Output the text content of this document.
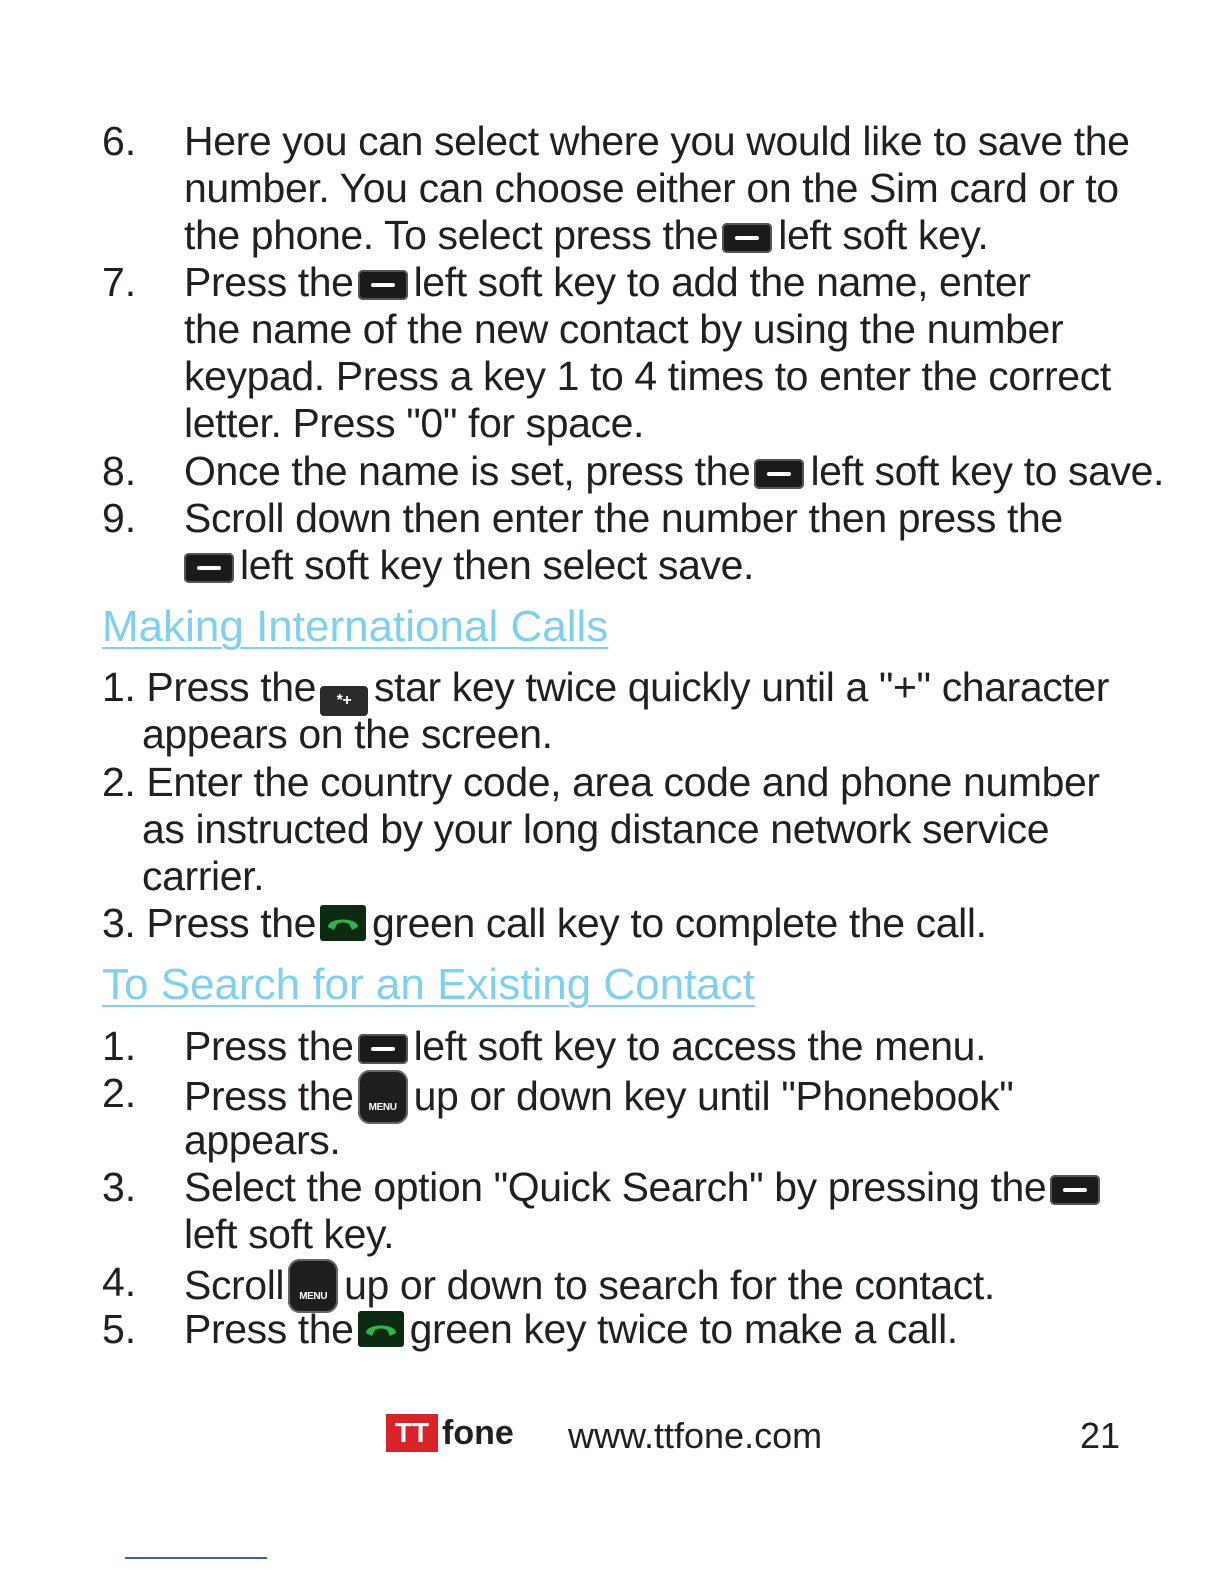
6. Here you can select where you would like to save the
number. You can choose either on the Sim card or to
the phone. To select press the left soft key.
7. Press the left soft key to add the name, enter
the name of the new contact by using the number
keypad. Press a key 1 to 4 times to enter the correct
letter. Press "0" for space.
8. Once the name is set, press the left soft key to save.
9. Scroll down then enter the number then press the
left soft key then select save.
Making International Calls
1. Press the *+ star key twice quickly until a "+" character
appears on the screen.
2. Enter the country code, area code and phone number
as instructed by your long distance network service
carrier.
3. Press the green call key to complete the call.
To Search for an Existing Contact
1. Press the left soft key to access the menu.
2. Press the	MENU up or down key until "Phonebook"
appears.
3. Select the option "Quick Search" by pressing the
left soft key.
4. Scroll	MENU up or down to search for the contact.
5. Press the green key twice to make a call.
TT fone www.ttfone.com	21
